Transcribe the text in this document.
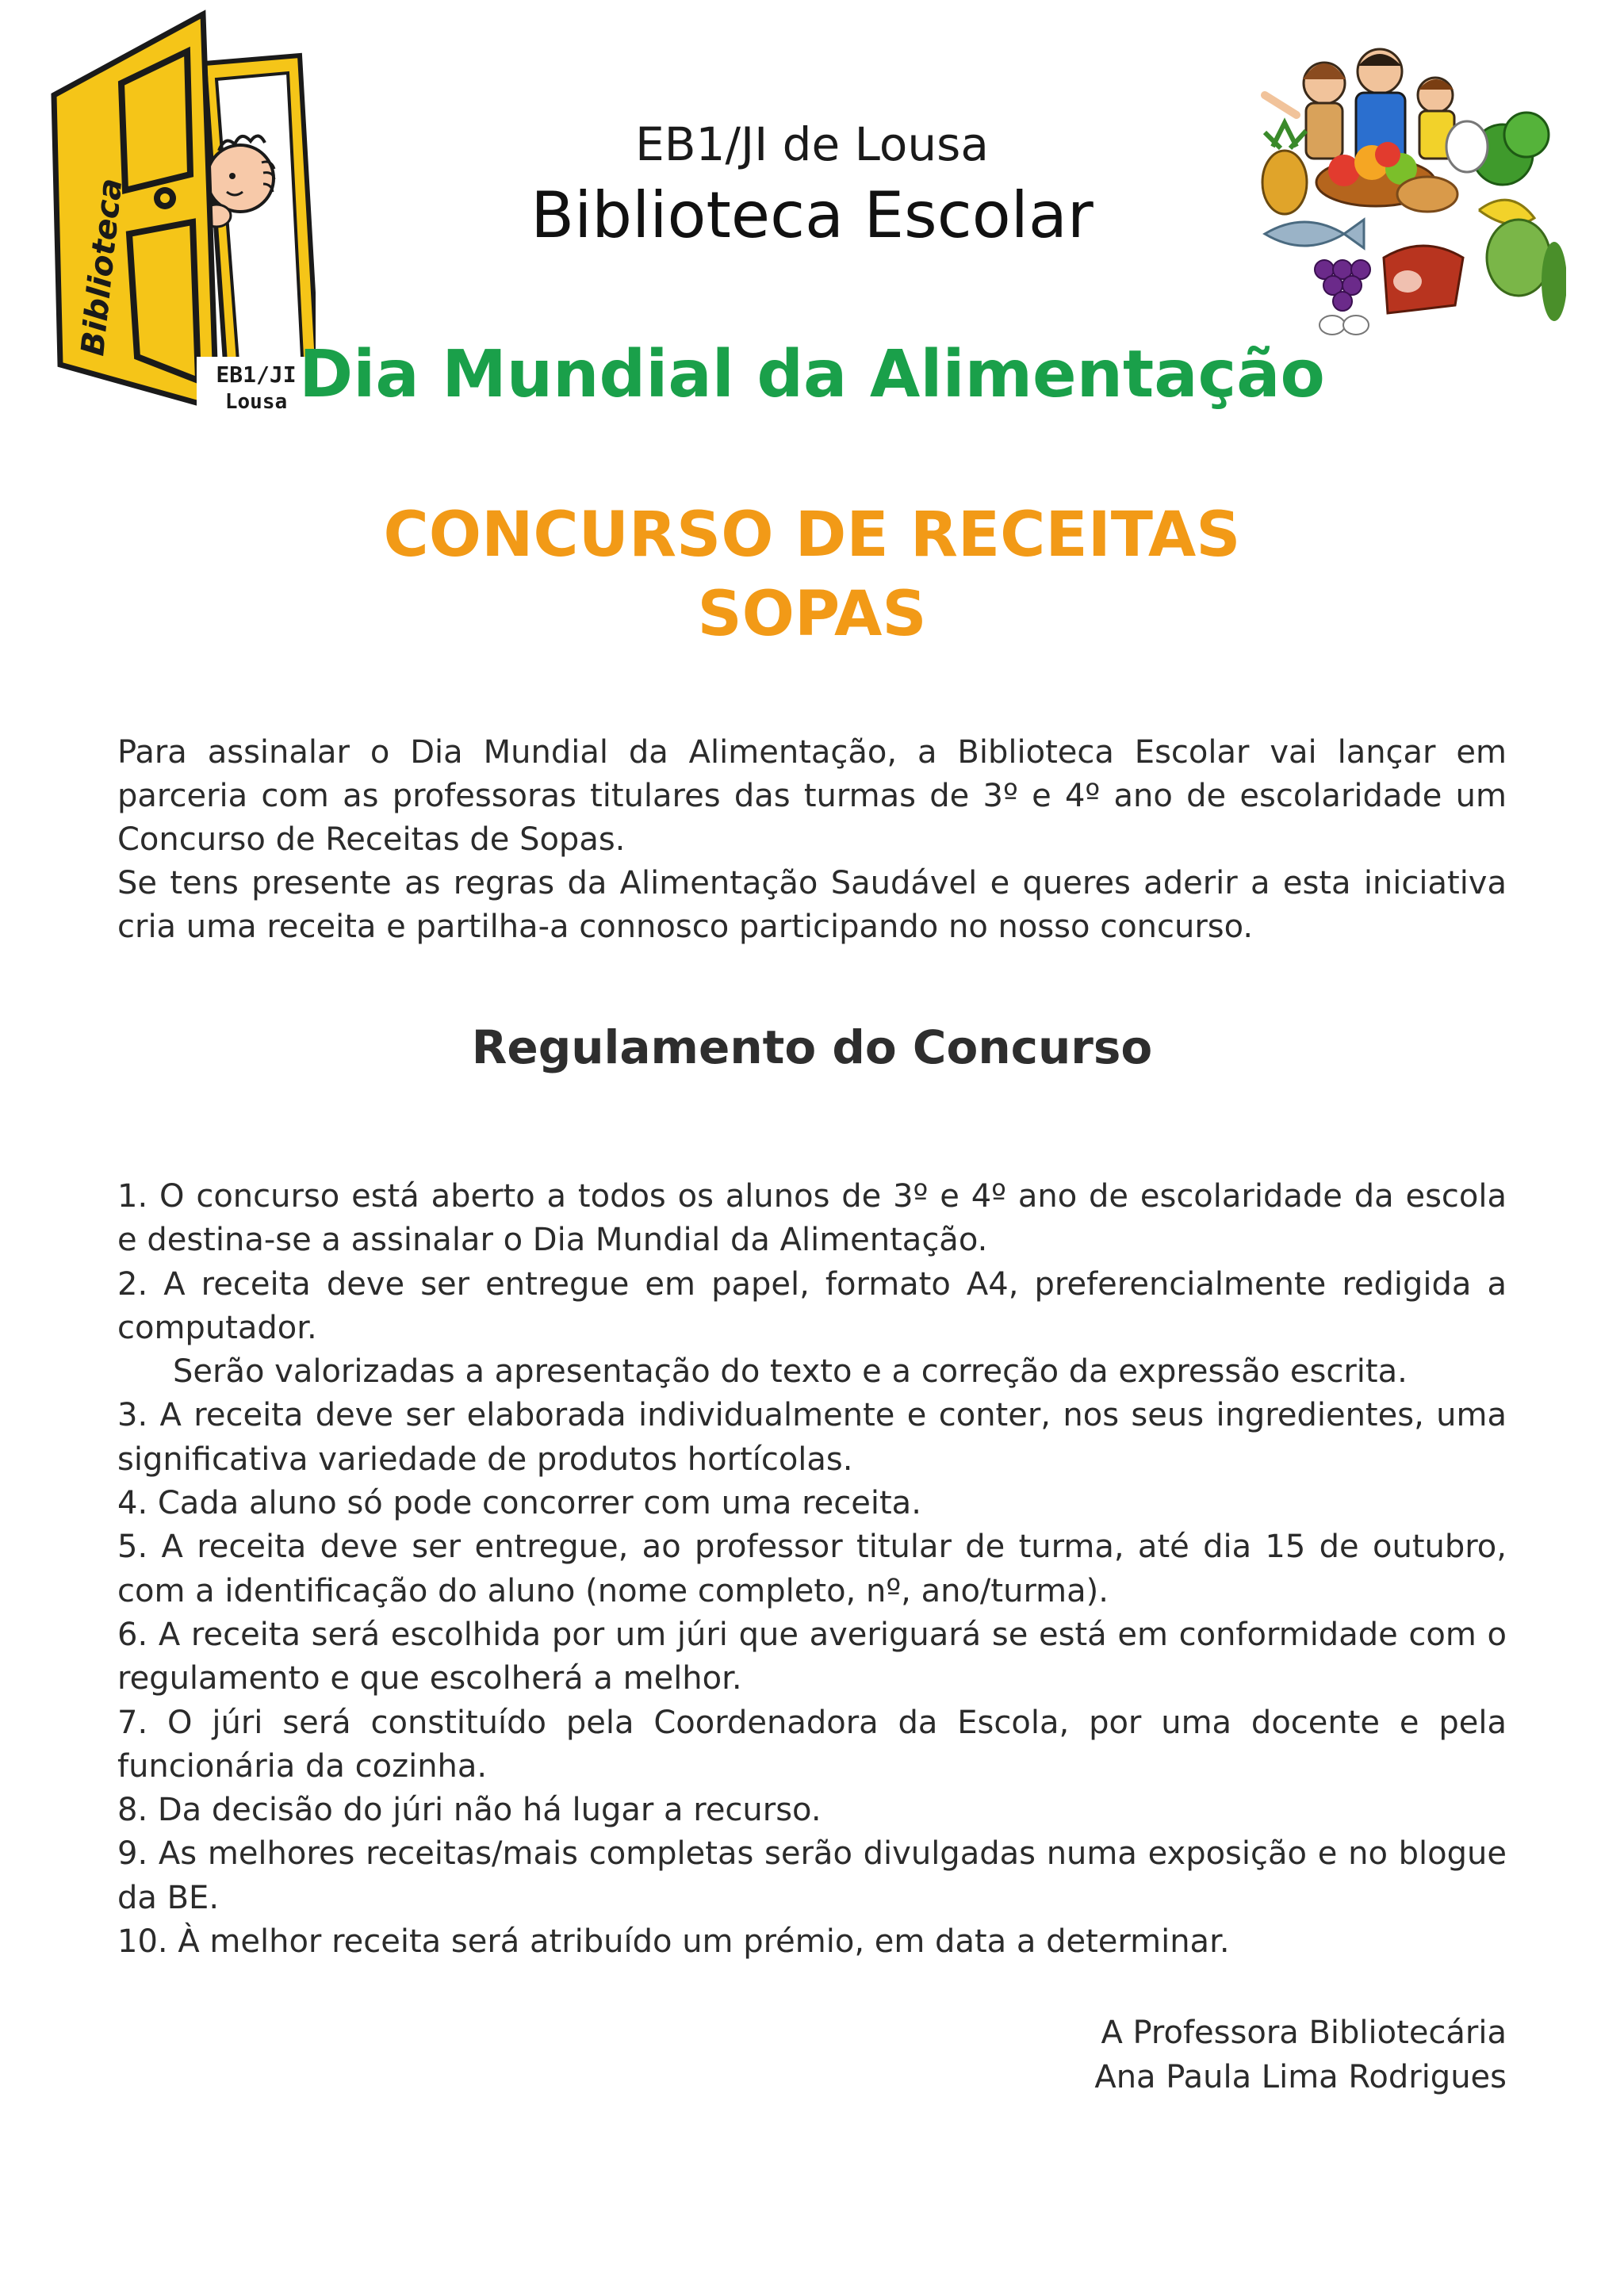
Biblioteca
EB1/JI
Lousa
EB1/JI de Lousa
Biblioteca Escolar
Dia Mundial da Alimentação
CONCURSO DE RECEITAS
SOPAS

Para assinalar o Dia Mundial da Alimentação, a Biblioteca Escolar vai lançar em parceria com as professoras titulares das turmas de 3º e 4º ano de escolaridade um Concurso de Receitas de Sopas.

Se tens presente as regras da Alimentação Saudável e queres aderir a esta iniciativa cria uma receita e partilha-a connosco participando no nosso concurso.

Regulamento do Concurso

1. O concurso está aberto a todos os alunos de 3º e 4º ano de escolaridade da escola e destina-se a assinalar o Dia Mundial da Alimentação.

2. A receita deve ser entregue em papel, formato A4, preferencialmente redigida a computador.

Serão valorizadas a apresentação do texto e a correção da expressão escrita.

3. A receita deve ser elaborada individualmente e conter, nos seus ingredientes, uma significativa variedade de produtos hortícolas.

4. Cada aluno só pode concorrer com uma receita.

5. A receita deve ser entregue, ao professor titular de turma, até dia 15 de outubro, com a identificação do aluno (nome completo, nº, ano/turma).

6. A receita será escolhida por um júri que averiguará se está em conformidade com o regulamento e que escolherá a melhor.

7. O júri será constituído pela Coordenadora da Escola, por uma docente e pela funcionária da cozinha.

8. Da decisão do júri não há lugar a recurso.

9. As melhores receitas/mais completas serão divulgadas numa exposição e no blogue da BE.

10. À melhor receita será atribuído um prémio, em data a determinar.

A Professora Bibliotecária
Ana Paula Lima Rodrigues
